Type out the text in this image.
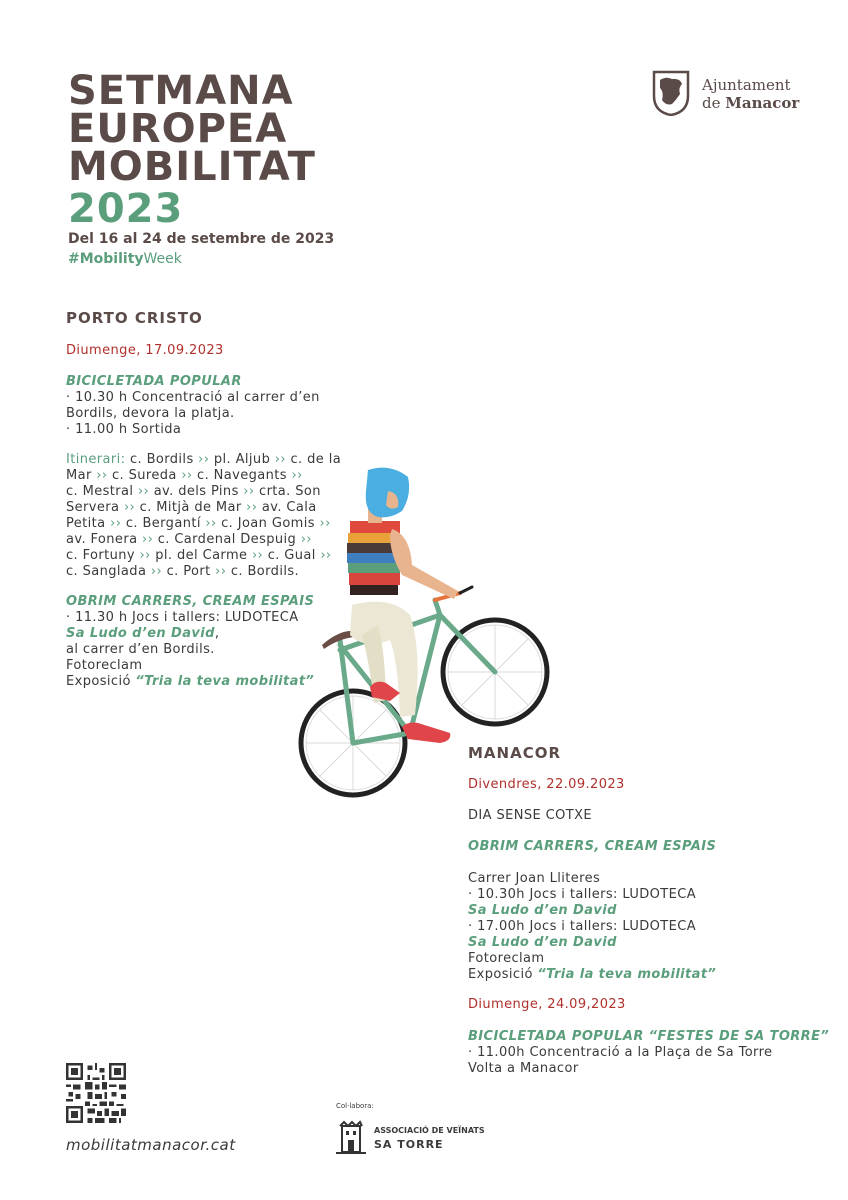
SETMANA
EUROPEA
MOBILITAT
2023
Del 16 al 24 de setembre de 2023
#MobilityWeek
Ajuntament
de Manacor
PORTO CRISTO
Diumenge, 17.09.2023
BICICLETADA POPULAR
· 10.30 h Concentració al carrer d’en
Bordils, devora la platja.
· 11.00 h Sortida
Itinerari: c. Bordils ›› pl. Aljub ›› c. de la
Mar ›› c. Sureda ›› c. Navegants ››
c. Mestral ›› av. dels Pins ›› crta. Son
Servera ›› c. Mitjà de Mar ›› av. Cala
Petita ›› c. Bergantí ›› c. Joan Gomis ››
av. Fonera ›› c. Cardenal Despuig ››
c. Fortuny ›› pl. del Carme ›› c. Gual ››
c. Sanglada ›› c. Port ›› c. Bordils.
OBRIM CARRERS, CREAM ESPAIS
· 11.30 h Jocs i tallers: LUDOTECA
Sa Ludo d’en David,
al carrer d’en Bordils.
Fotoreclam
Exposició “Tria la teva mobilitat”
MANACOR
Divendres, 22.09.2023
DIA SENSE COTXE
OBRIM CARRERS, CREAM ESPAIS
Carrer Joan Lliteres
· 10.30h Jocs i tallers: LUDOTECA
Sa Ludo d’en David
· 17.00h Jocs i tallers: LUDOTECA
Sa Ludo d’en David
Fotoreclam
Exposició “Tria la teva mobilitat”
Diumenge, 24.09,2023
BICICLETADA POPULAR “FESTES DE SA TORRE”
· 11.00h Concentració a la Plaça de Sa Torre
Volta a Manacor
mobilitatmanacor.cat
Col·labora:
ASSOCIACIÓ DE VEÏNATS
SA TORRE
